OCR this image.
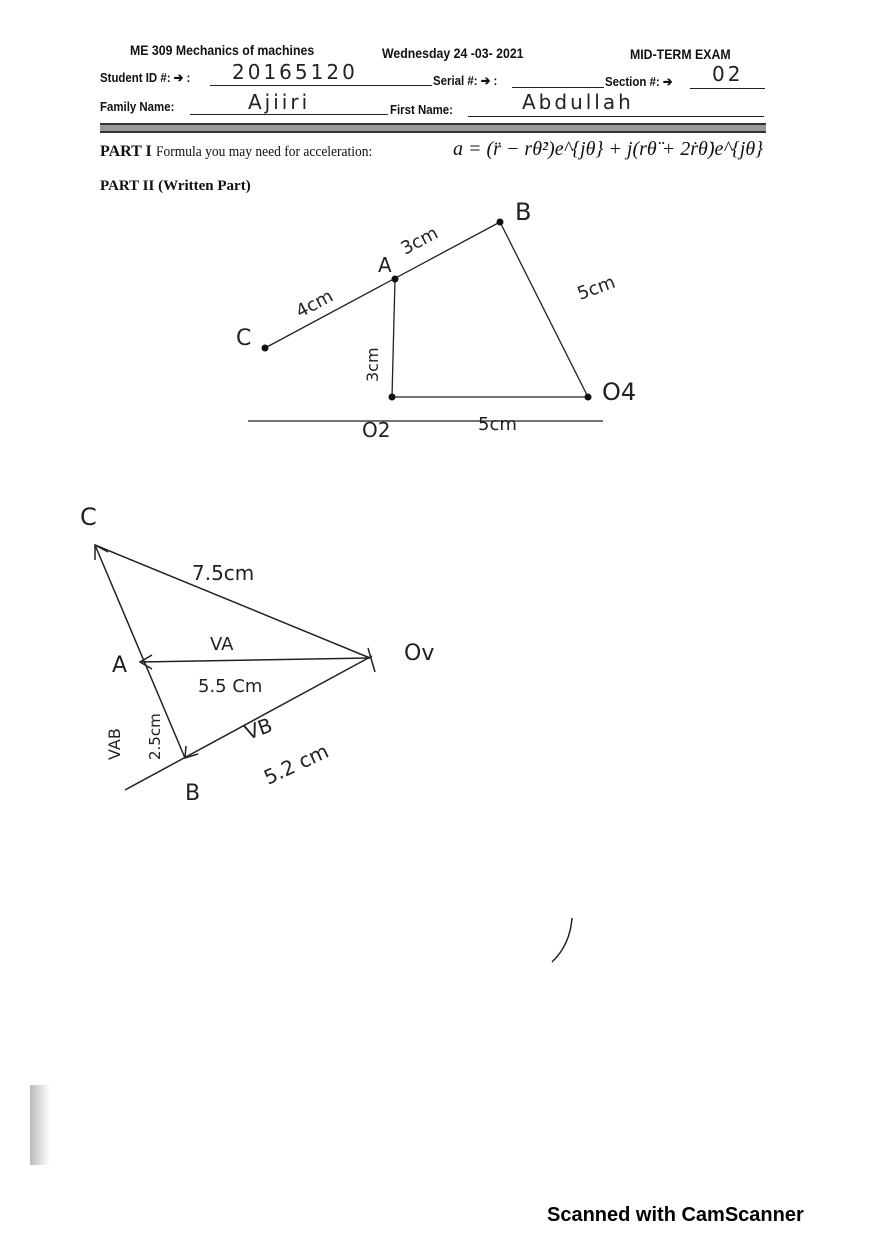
ME 309 Mechanics of machines	Wednesday 24 -03- 2021	MID-TERM EXAM
Student ID #: ➔ : 20165120	Serial #: ➔ :	Section #: ➔ 02
Family Name:	Ajiiri	First Name:	Abdullah
PART I Formula you may need for acceleration:	a = (r̈ − rθ̇²)e^{jθ} + j(rθ̈ + 2ṙθ̇)e^{jθ}
PART II (Written Part)
B
A
C
O4
O2
3cm
4cm	5cm
3cm
5cm
C
A
B
Ov
7.5cm
VA
5.5 Cm
VB
5.2 cm
VAB 2.5cm
Scanned with CamScanner
